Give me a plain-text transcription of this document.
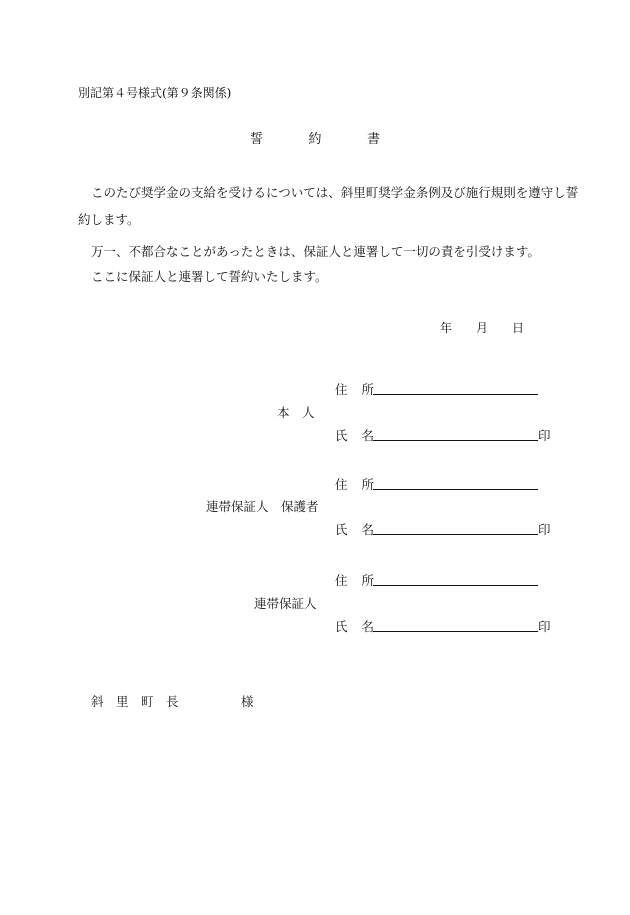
別記第４号様式(第９条関係)
誓	約	書
このたび奨学金の支給を受けるについては、斜里町奨学金条例及び施行規則を遵守し誓
約します。
万一、不都合なことがあったときは、保証人と連署して一切の責を引受けます。
ここに保証人と連署して誓約いたします。
年 月 日
住 所
本　人
氏 名	印
住 所
連帯保証人　保護者
氏 名	印
住 所
連帯保証人
氏 名	印
斜　里　町　長	様
